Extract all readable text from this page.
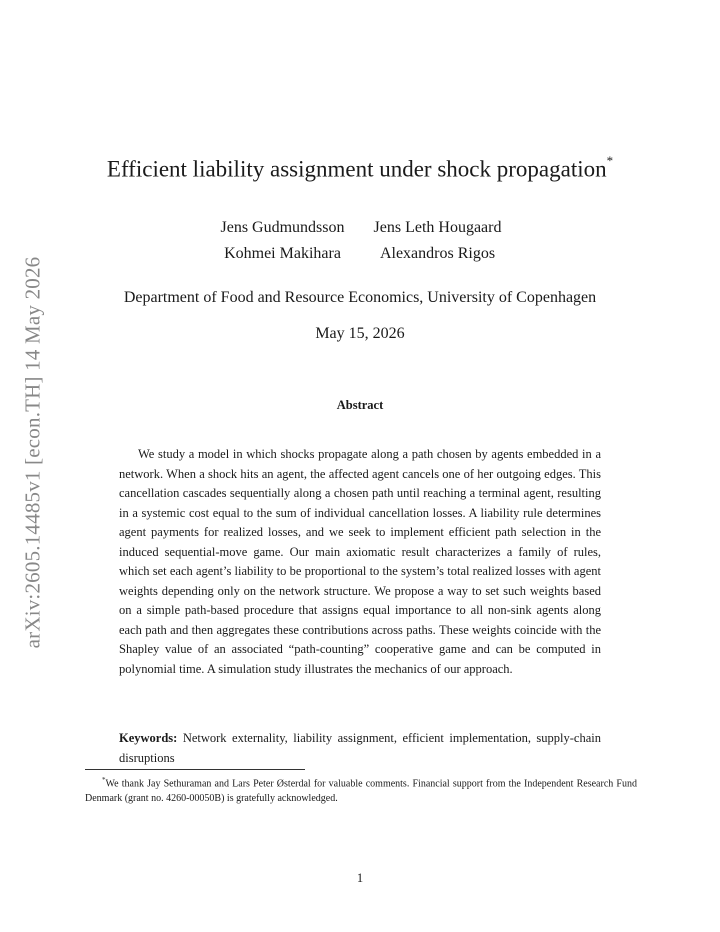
arXiv:2605.14485v1 [econ.TH] 14 May 2026
Efficient liability assignment under shock propagation*
Jens Gudmundsson	Jens Leth Hougaard
Kohmei Makihara	Alexandros Rigos
Department of Food and Resource Economics, University of Copenhagen
May 15, 2026
Abstract

We study a model in which shocks propagate along a path chosen by agents embedded in a network. When a shock hits an agent, the affected agent cancels one of her outgoing edges. This cancellation cascades sequentially along a chosen path until reaching a terminal agent, resulting in a systemic cost equal to the sum of individual cancellation losses. A liability rule determines agent payments for realized losses, and we seek to implement efficient path selection in the induced sequential-move game. Our main axiomatic result characterizes a family of rules, which set each agent’s liability to be proportional to the system’s total realized losses with agent weights depending only on the network structure. We propose a way to set such weights based on a simple path-based procedure that assigns equal importance to all non-sink agents along each path and then aggregates these contributions across paths. These weights coincide with the Shapley value of an associated “path-counting” cooperative game and can be computed in polynomial time. A simulation study illustrates the mechanics of our approach.

Keywords: Network externality, liability assignment, efficient implementation, supply-chain disruptions

*We thank Jay Sethuraman and Lars Peter Østerdal for valuable comments. Financial support from the Independent Research Fund Denmark (grant no. 4260-00050B) is gratefully acknowledged.

1
